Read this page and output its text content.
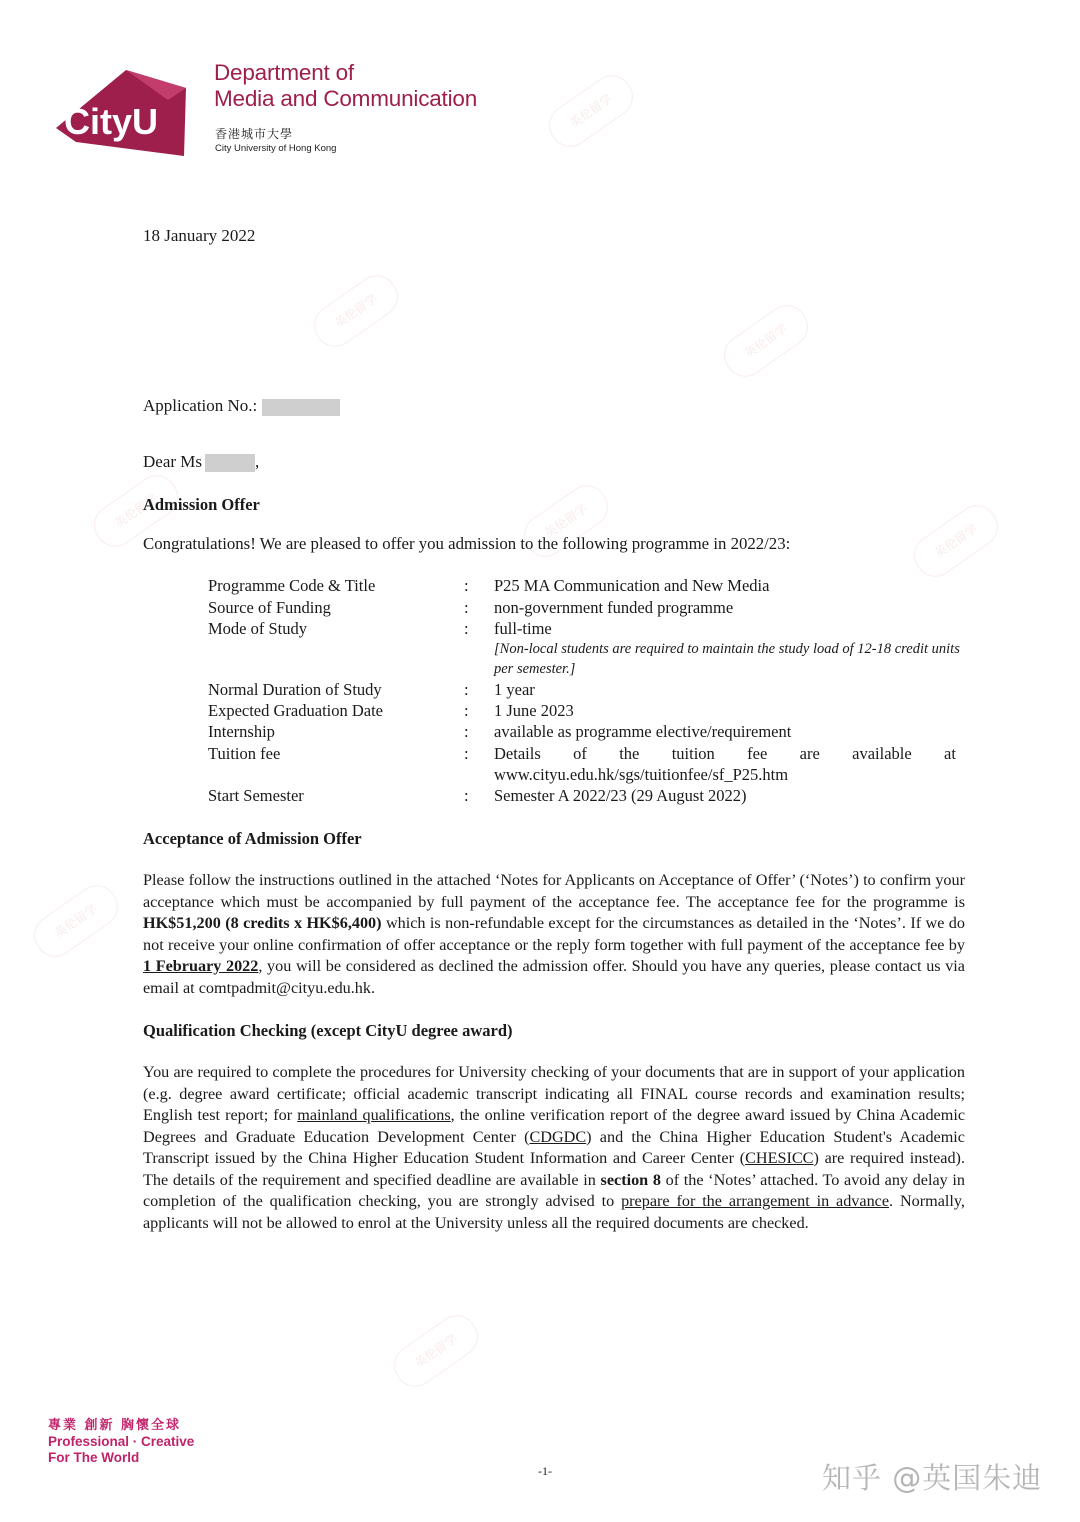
CityU
Department of
Media and Communication
香港城市大學
City University of Hong Kong
英伦留学
英伦留学
英伦留学
英伦留学	英伦留学
英伦留学
英伦留学
英伦留学
18 January 2022
Application No.:
Dear Ms	,
Admission Offer
Congratulations! We are pleased to offer you admission to the following programme in 2022/23:
Programme Code & Title	: P25 MA Communication and New Media
Source of Funding	: non-government funded programme
Mode of Study	: full-time
[Non-local students are required to maintain the study load of 12-18 credit units per semester.]
Normal Duration of Study	: 1 year
Expected Graduation Date	: 1 June 2023
Internship	: available as programme elective/requirement
Tuition fee	: Details of the tuition fee are available at
www.cityu.edu.hk/sgs/tuitionfee/sf_P25.htm
Start Semester	: Semester A 2022/23 (29 August 2022)
Acceptance of Admission Offer
Please follow the instructions outlined in the attached ‘Notes for Applicants on Acceptance of Offer’ (‘Notes’) to confirm your acceptance which must be accompanied by full payment of the acceptance fee. The acceptance fee for the programme is HK$51,200 (8 credits x HK$6,400) which is non-refundable except for the circumstances as detailed in the ‘Notes’. If we do not receive your online confirmation of offer acceptance or the reply form together with full payment of the acceptance fee by 1 February 2022, you will be considered as declined the admission offer. Should you have any queries, please contact us via email at comtpadmit@cityu.edu.hk.
Qualification Checking (except CityU degree award)
You are required to complete the procedures for University checking of your documents that are in support of your application (e.g. degree award certificate; official academic transcript indicating all FINAL course records and examination results; English test report; for mainland qualifications, the online verification report of the degree award issued by China Academic Degrees and Graduate Education Development Center (CDGDC) and the China Higher Education Student's Academic Transcript issued by the China Higher Education Student Information and Career Center (CHESICC) are required instead). The details of the requirement and specified deadline are available in section 8 of the ‘Notes’ attached. To avoid any delay in completion of the qualification checking, you are strongly advised to prepare for the arrangement in advance. Normally, applicants will not be allowed to enrol at the University unless all the required documents are checked.
專業 創新 胸懷全球
Professional · Creative
For The World
-1-	知乎 @英国朱迪
